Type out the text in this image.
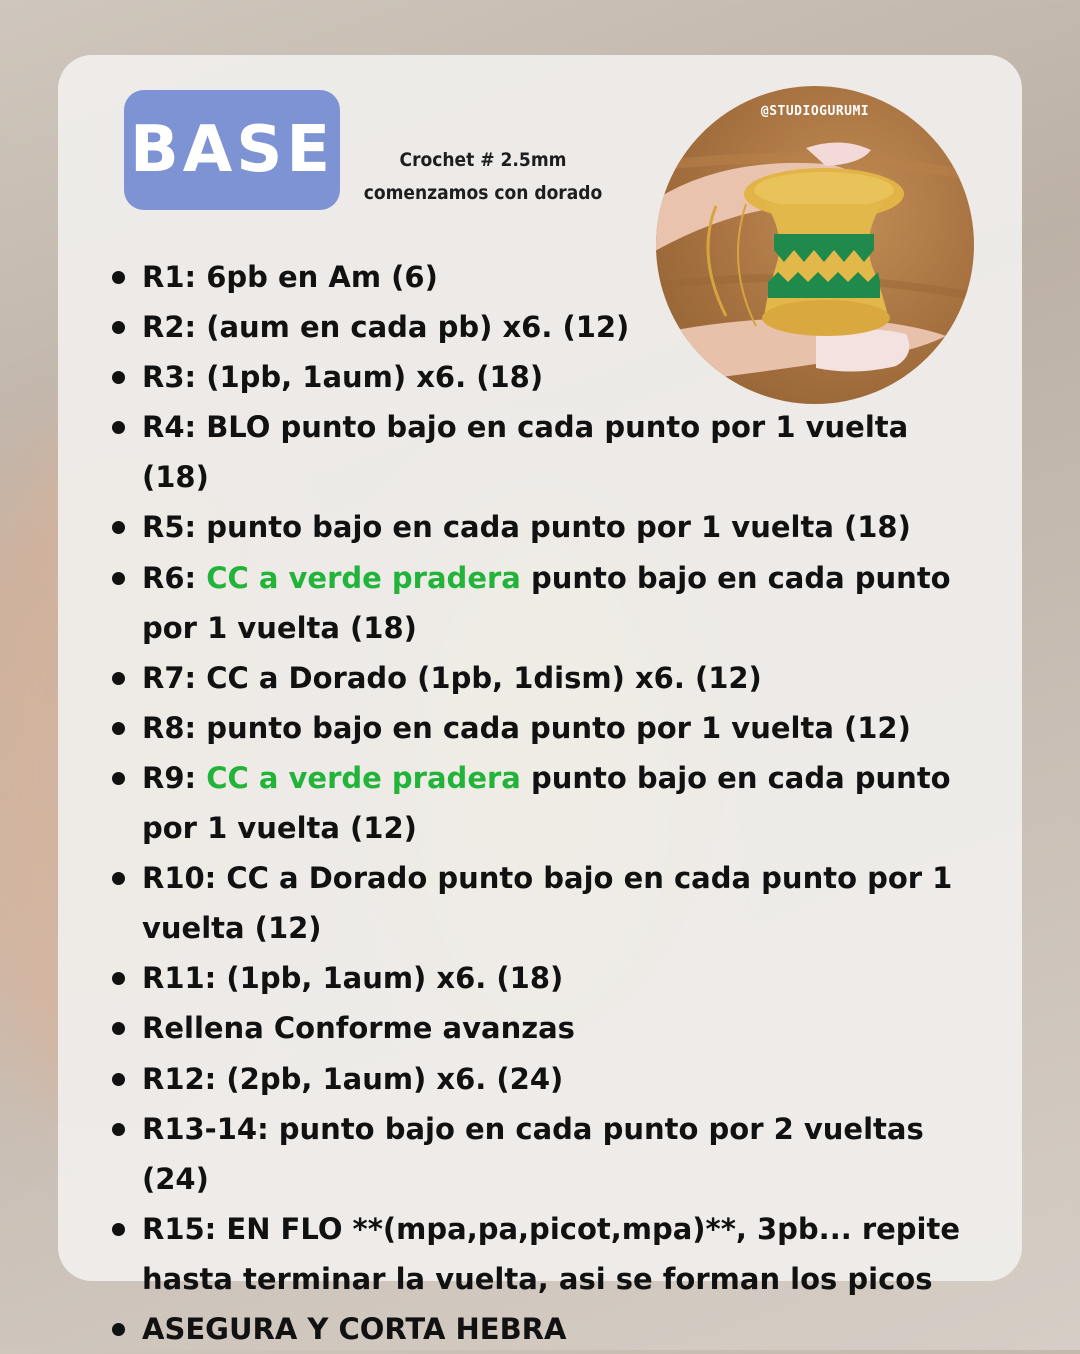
BASE	Crochet # 2.5mm
comenzamos con dorado
@STUDIOGURUMI
R1: 6pb en Am (6)
R2: (aum en cada pb) x6. (12)
R3: (1pb, 1aum) x6. (18)
R4: BLO punto bajo en cada punto por 1 vuelta (18)
R5: punto bajo en cada punto por 1 vuelta (18)
R6: CC a verde pradera punto bajo en cada punto por 1 vuelta (18)
R7: CC a Dorado (1pb, 1dism) x6. (12)
R8: punto bajo en cada punto por 1 vuelta (12)
R9: CC a verde pradera punto bajo en cada punto por 1 vuelta (12)
R10: CC a Dorado punto bajo en cada punto por 1 vuelta (12)
R11: (1pb, 1aum) x6. (18)
Rellena Conforme avanzas
R12: (2pb, 1aum) x6. (24)
R13-14: punto bajo en cada punto por 2 vueltas (24)
R15: EN FLO **(mpa,pa,picot,mpa)**, 3pb... repite hasta terminar la vuelta, asi se forman los picos
ASEGURA Y CORTA HEBRA
